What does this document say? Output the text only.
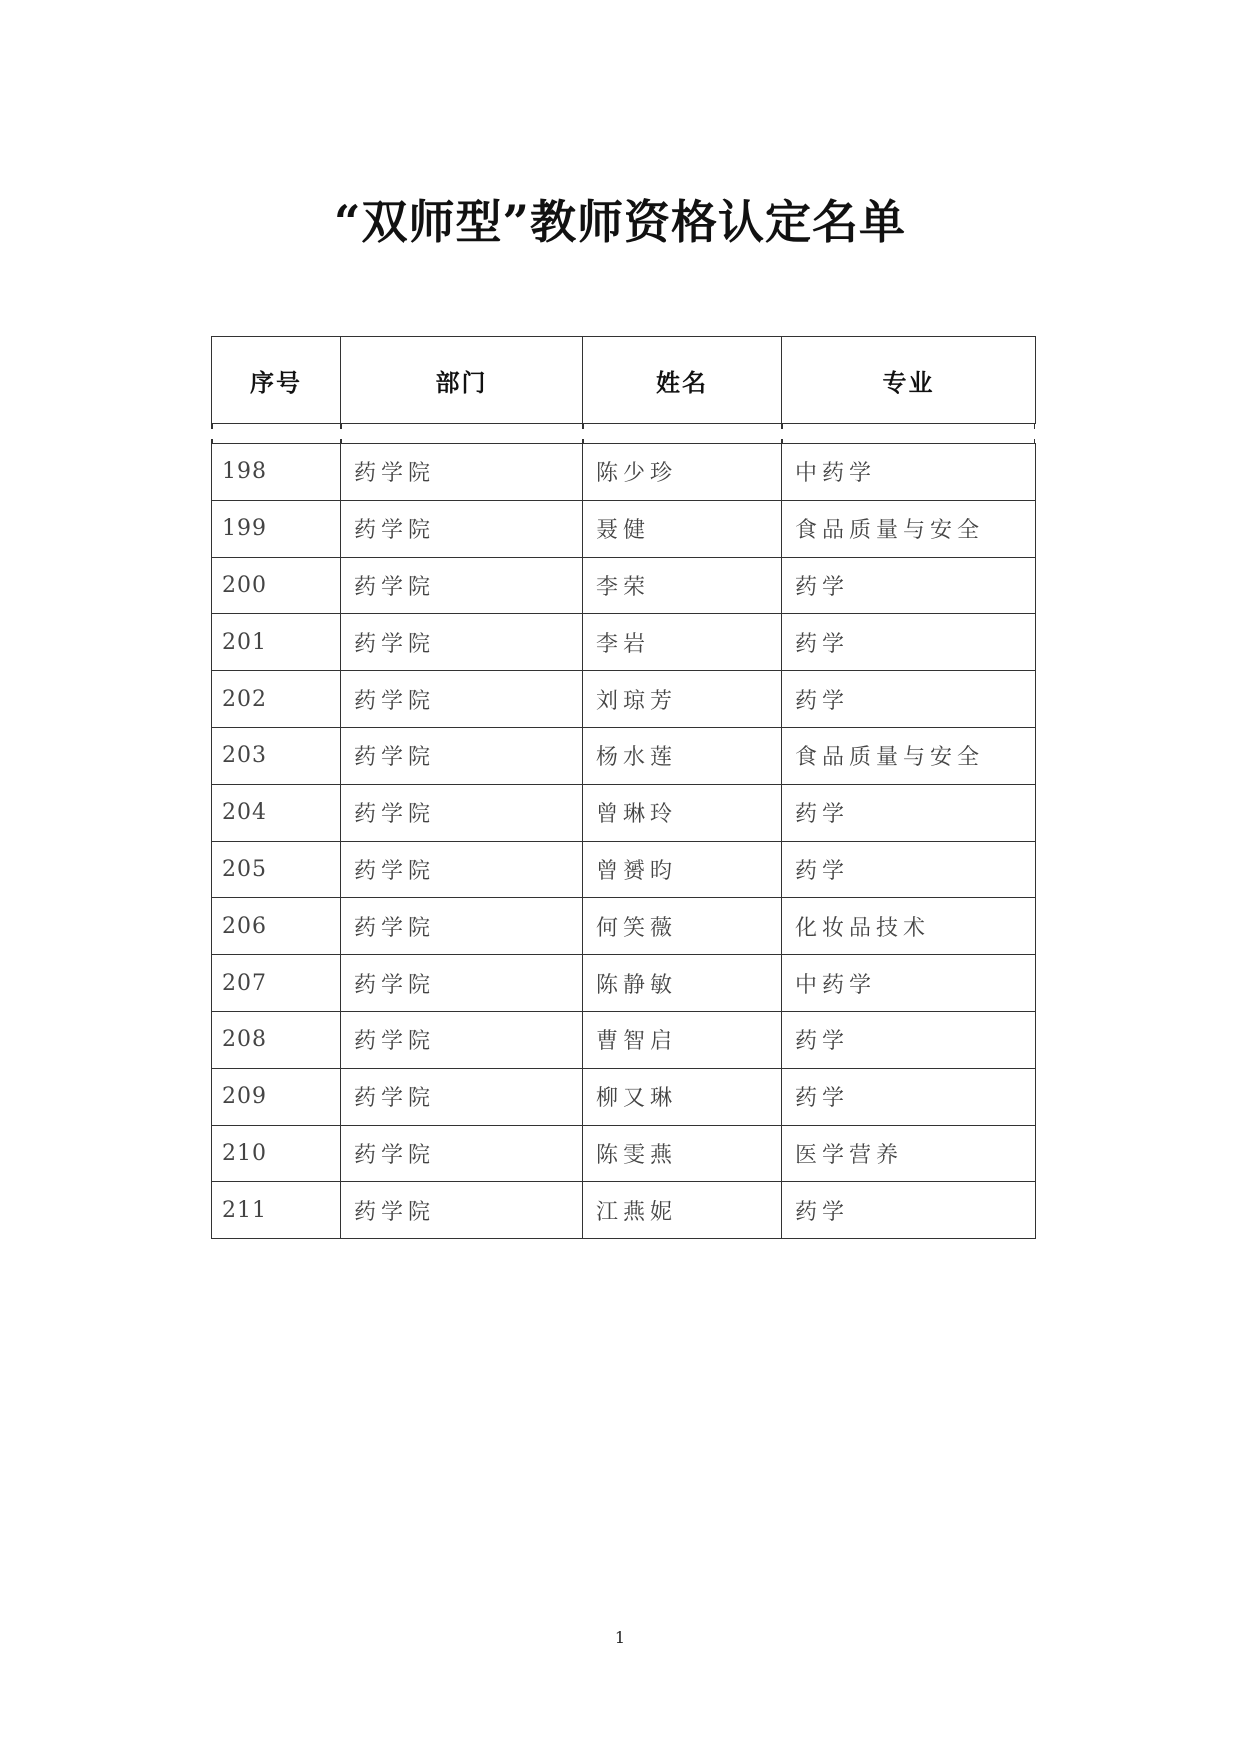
“双师型”教师资格认定名单
序号	部门	姓名	专业
198	药学院	陈少珍	中药学
199	药学院	聂健	食品质量与安全
200	药学院	李荣	药学
201	药学院	李岩	药学
202	药学院	刘琼芳	药学
203	药学院	杨水莲	食品质量与安全
204	药学院	曾琳玲	药学
205	药学院	曾赟昀	药学
206	药学院	何笑薇	化妆品技术
207	药学院	陈静敏	中药学
208	药学院	曹智启	药学
209	药学院	柳又琳	药学
210	药学院	陈雯燕	医学营养
211	药学院	江燕妮	药学
1
